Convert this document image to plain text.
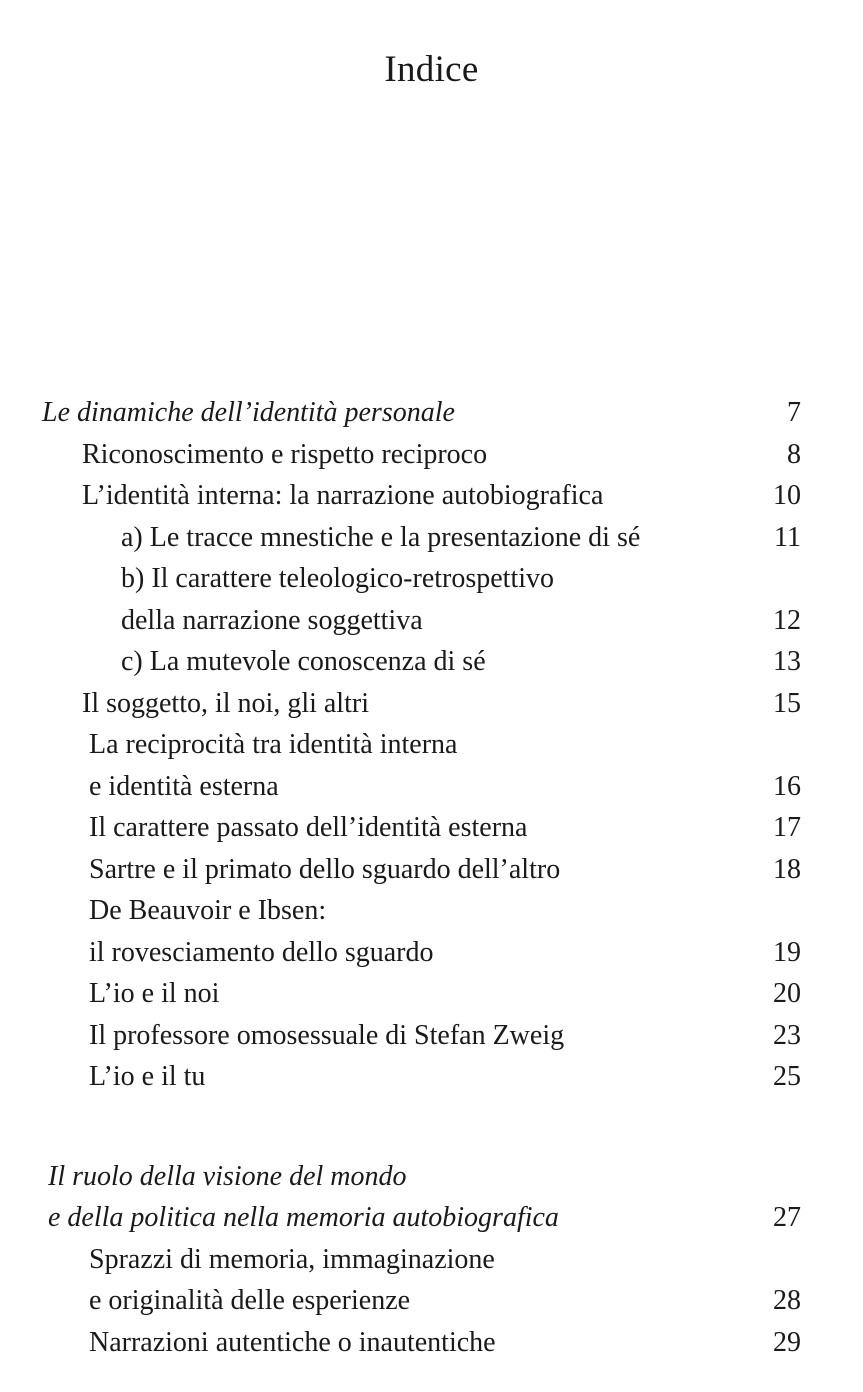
Indice
Le dinamiche dell’identità personale	7
Riconoscimento e rispetto reciproco	8
L’identità interna: la narrazione autobiografica	10
a) Le tracce mnestiche e la presentazione di sé	11
b) Il carattere teleologico-retrospettivo
della narrazione soggettiva	12
c) La mutevole conoscenza di sé	13
Il soggetto, il noi, gli altri	15
La reciprocità tra identità interna
e identità esterna	16
Il carattere passato dell’identità esterna	17
Sartre e il primato dello sguardo dell’altro	18
De Beauvoir e Ibsen:
il rovesciamento dello sguardo	19
L’io e il noi	20
Il professore omosessuale di Stefan Zweig	23
L’io e il tu	25
Il ruolo della visione del mondo
e della politica nella memoria autobiografica	27
Sprazzi di memoria, immaginazione
e originalità delle esperienze	28
Narrazioni autentiche o inautentiche	29
